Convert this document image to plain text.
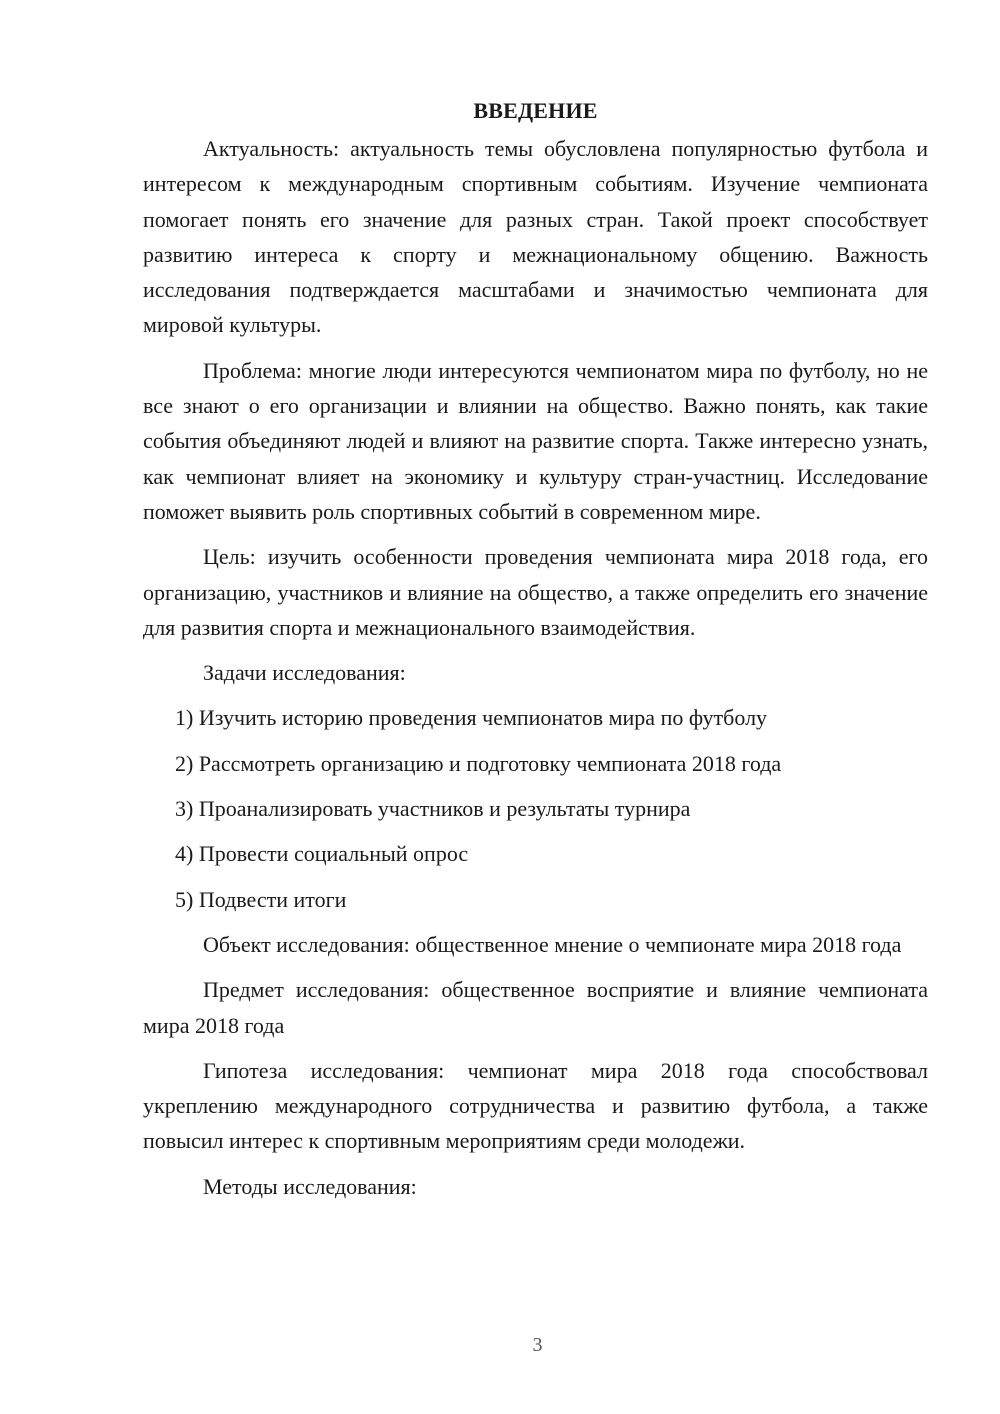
ВВЕДЕНИЕ

Актуальность: актуальность темы обусловлена популярностью футбола и интересом к международным спортивным событиям. Изучение чемпионата помогает понять его значение для разных стран. Такой проект способствует развитию интереса к спорту и межнациональному общению. Важность исследования подтверждается масштабами и значимостью чемпионата для мировой культуры.

Проблема: многие люди интересуются чемпионатом мира по футболу, но не все знают о его организации и влиянии на общество. Важно понять, как такие события объединяют людей и влияют на развитие спорта. Также интересно узнать, как чемпионат влияет на экономику и культуру стран-участниц. Исследование поможет выявить роль спортивных событий в современном мире.

Цель: изучить особенности проведения чемпионата мира 2018 года, его организацию, участников и влияние на общество, а также определить его значение для развития спорта и межнационального взаимодействия.

Задачи исследования:

1) Изучить историю проведения чемпионатов мира по футболу

2) Рассмотреть организацию и подготовку чемпионата 2018 года

3) Проанализировать участников и результаты турнира

4) Провести социальный опрос

5) Подвести итоги

Объект исследования: общественное мнение о чемпионате мира 2018 года

Предмет исследования: общественное восприятие и влияние чемпионата мира 2018 года

Гипотеза исследования: чемпионат мира 2018 года способствовал укреплению международного сотрудничества и развитию футбола, а также повысил интерес к спортивным мероприятиям среди молодежи.

Методы исследования:

3
